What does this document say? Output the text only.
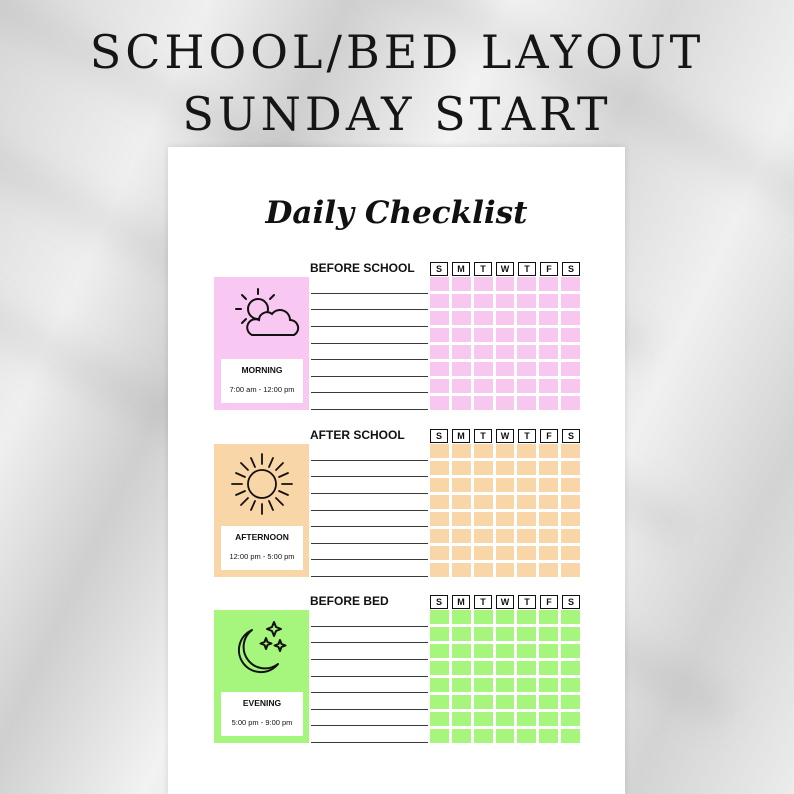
SCHOOL/BED LAYOUT
SUNDAY START
Daily Checklist
MORNING
7:00 am - 12:00 pm
BEFORE SCHOOL	S	M	T	W	T	F	S
AFTERNOON
12:00 pm - 5:00 pm
AFTER SCHOOL	S	M	T	W	T	F	S
EVENING
5:00 pm - 9:00 pm
BEFORE BED	S	M	T	W	T	F	S
